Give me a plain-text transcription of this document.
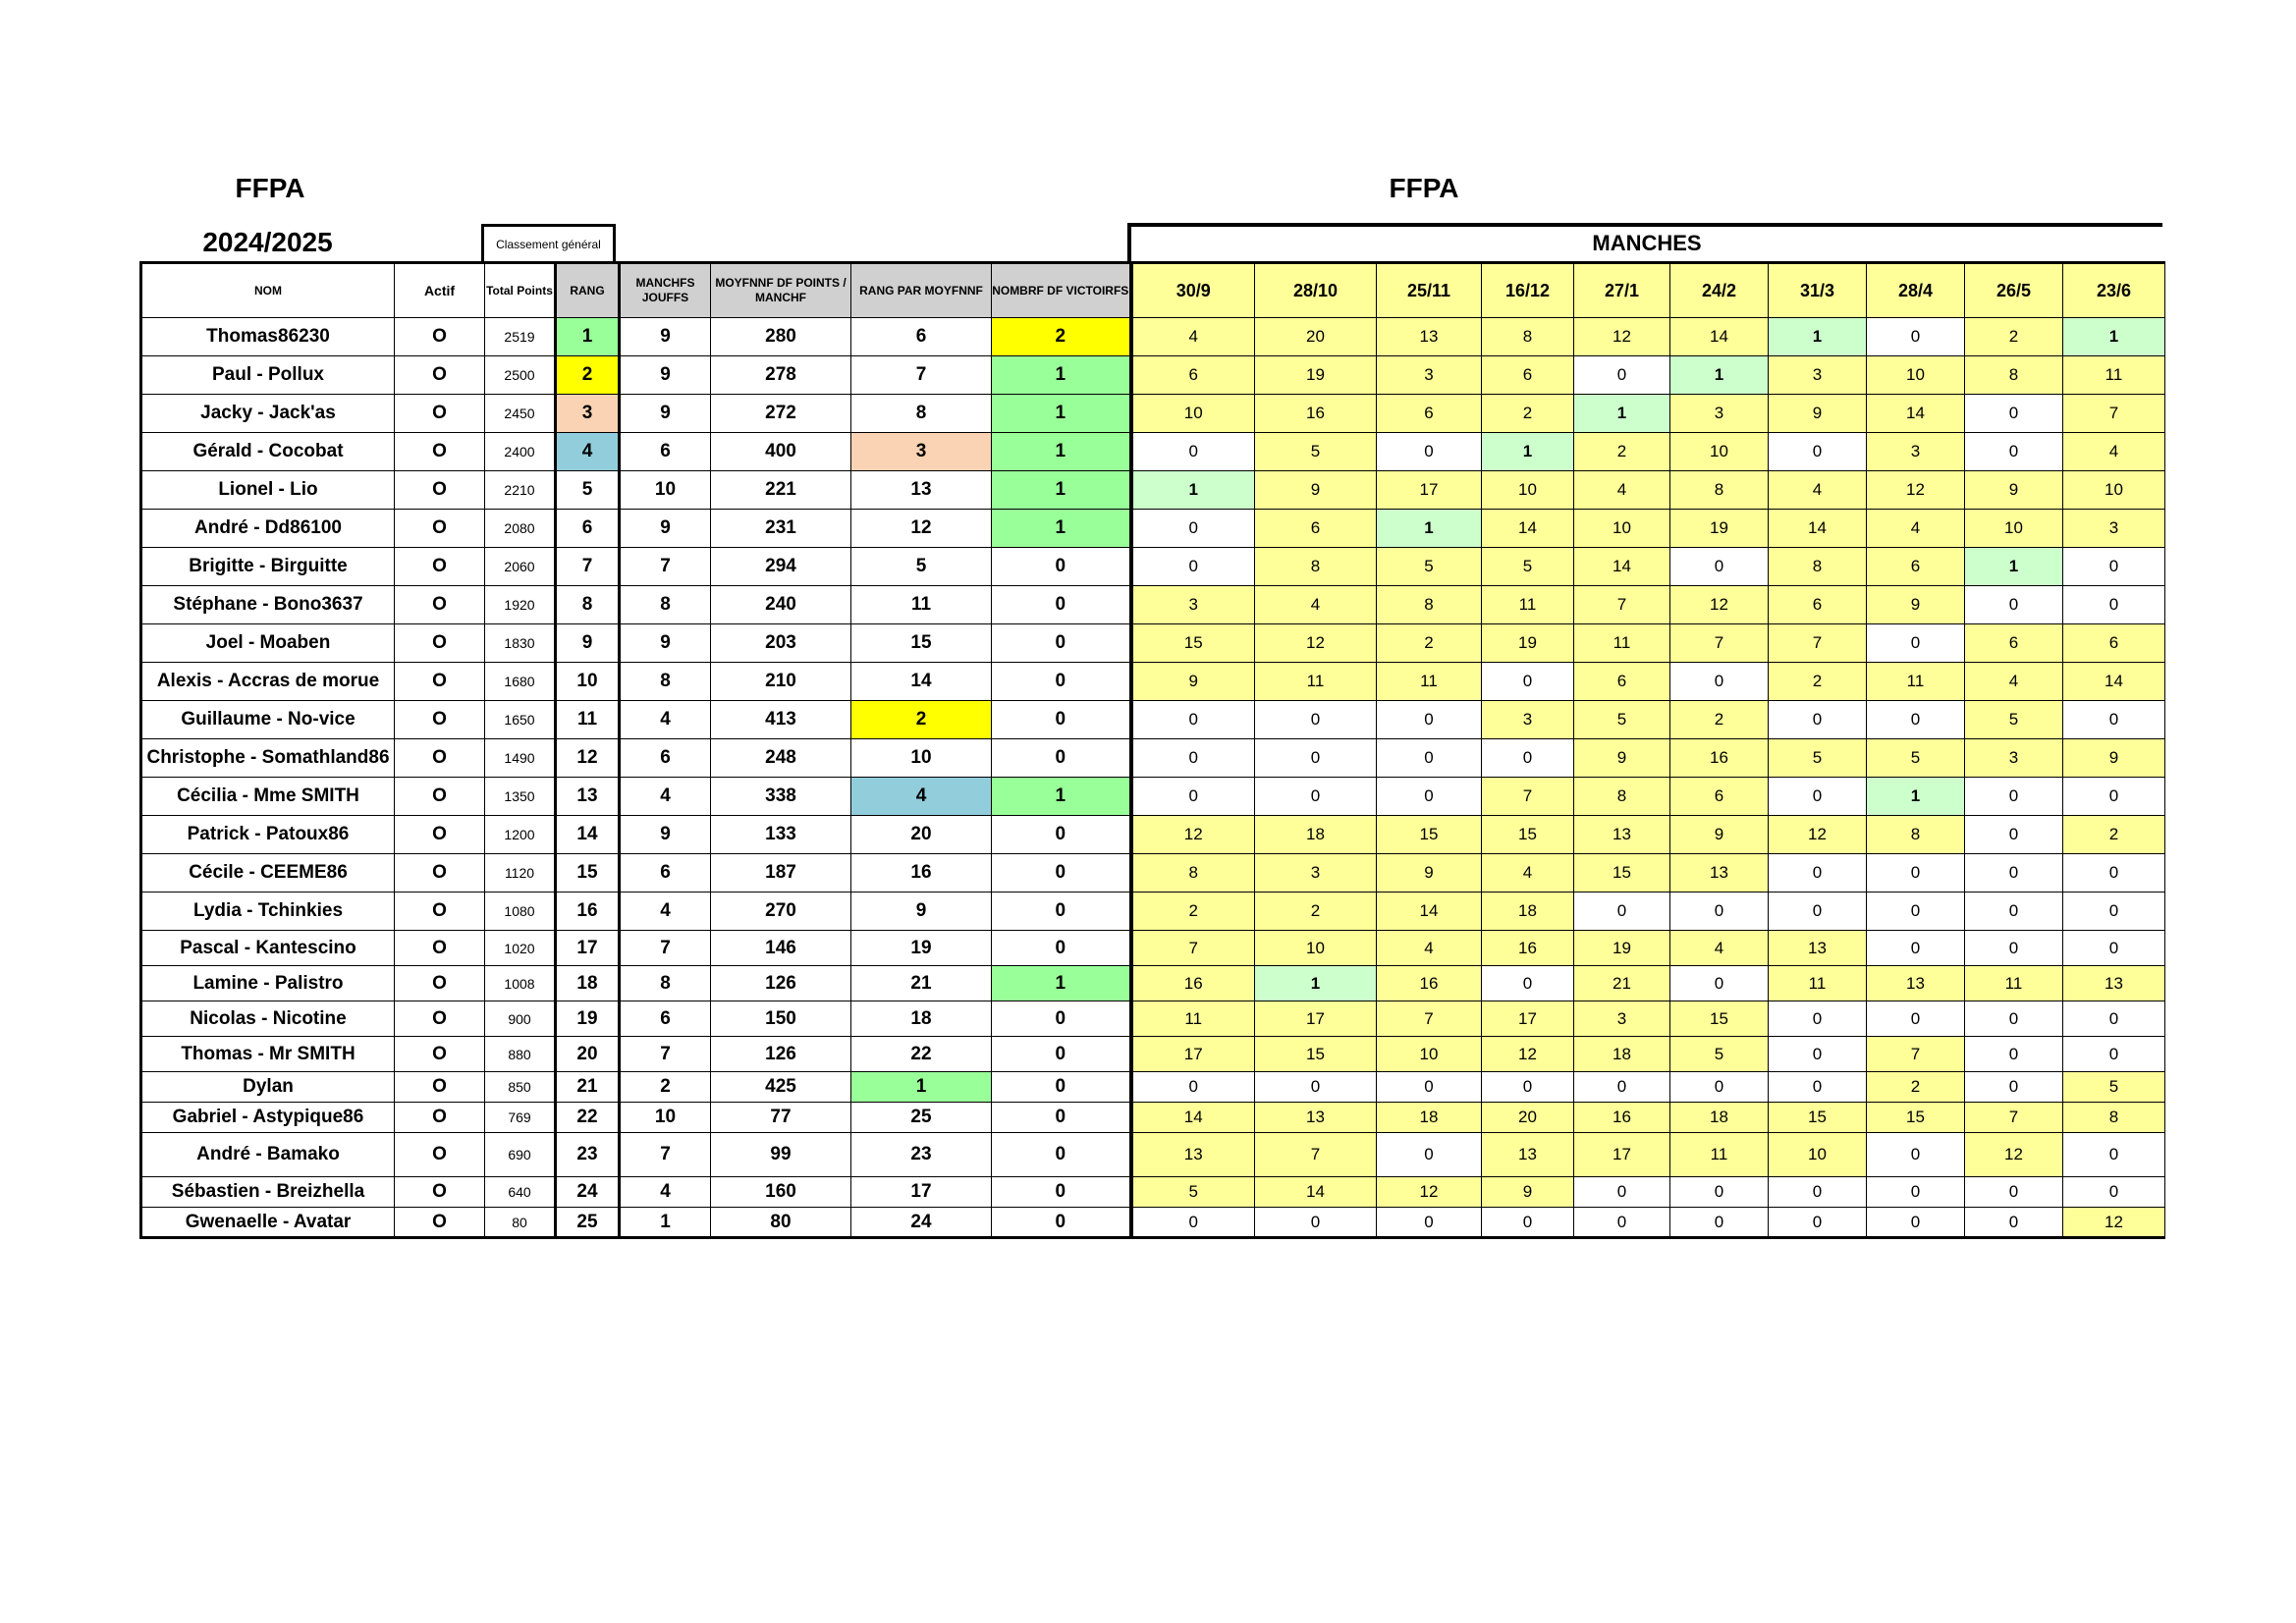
FFPA
2024/2025
FFPA
Classement général	MANCHES
NOM	Actif	Total Points	RANG	MANCHFS JOUFFS	MOYFNNF DF POINTS / MANCHF	RANG PAR MOYFNNF	NOMBRF DF VICTOIRFS	30/9	28/10	25/11	16/12	27/1	24/2	31/3	28/4	26/5	23/6
Thomas86230	O	2519	1	9	280	6	2	4	20	13	8	12	14	1	0	2	1
Paul - Pollux	O	2500	2	9	278	7	1	6	19	3	6	0	1	3	10	8	11
Jacky - Jack'as	O	2450	3	9	272	8	1	10	16	6	2	1	3	9	14	0	7
Gérald - Cocobat	O	2400	4	6	400	3	1	0	5	0	1	2	10	0	3	0	4
Lionel - Lio	O	2210	5	10	221	13	1	1	9	17	10	4	8	4	12	9	10
André - Dd86100	O	2080	6	9	231	12	1	0	6	1	14	10	19	14	4	10	3
Brigitte - Birguitte	O	2060	7	7	294	5	0	0	8	5	5	14	0	8	6	1	0
Stéphane - Bono3637	O	1920	8	8	240	11	0	3	4	8	11	7	12	6	9	0	0
Joel - Moaben	O	1830	9	9	203	15	0	15	12	2	19	11	7	7	0	6	6
Alexis - Accras de morue	O	1680	10	8	210	14	0	9	11	11	0	6	0	2	11	4	14
Guillaume - No-vice	O	1650	11	4	413	2	0	0	0	0	3	5	2	0	0	5	0
Christophe - Somathland86	O	1490	12	6	248	10	0	0	0	0	0	9	16	5	5	3	9
Cécilia - Mme SMITH	O	1350	13	4	338	4	1	0	0	0	7	8	6	0	1	0	0
Patrick - Patoux86	O	1200	14	9	133	20	0	12	18	15	15	13	9	12	8	0	2
Cécile - CEEME86	O	1120	15	6	187	16	0	8	3	9	4	15	13	0	0	0	0
Lydia - Tchinkies	O	1080	16	4	270	9	0	2	2	14	18	0	0	0	0	0	0
Pascal - Kantescino	O	1020	17	7	146	19	0	7	10	4	16	19	4	13	0	0	0
Lamine - Palistro	O	1008	18	8	126	21	1	16	1	16	0	21	0	11	13	11	13
Nicolas - Nicotine	O	900	19	6	150	18	0	11	17	7	17	3	15	0	0	0	0
Thomas - Mr SMITH	O	880	20	7	126	22	0	17	15	10	12	18	5	0	7	0	0
Dylan	O	850	21	2	425	1	0	0	0	0	0	0	0	0	2	0	5
Gabriel - Astypique86	O	769	22	10	77	25	0	14	13	18	20	16	18	15	15	7	8
André - Bamako	O	690	23	7	99	23	0	13	7	0	13	17	11	10	0	12	0
Sébastien - Breizhella	O	640	24	4	160	17	0	5	14	12	9	0	0	0	0	0	0
Gwenaelle - Avatar	O	80	25	1	80	24	0	0	0	0	0	0	0	0	0	0	12
